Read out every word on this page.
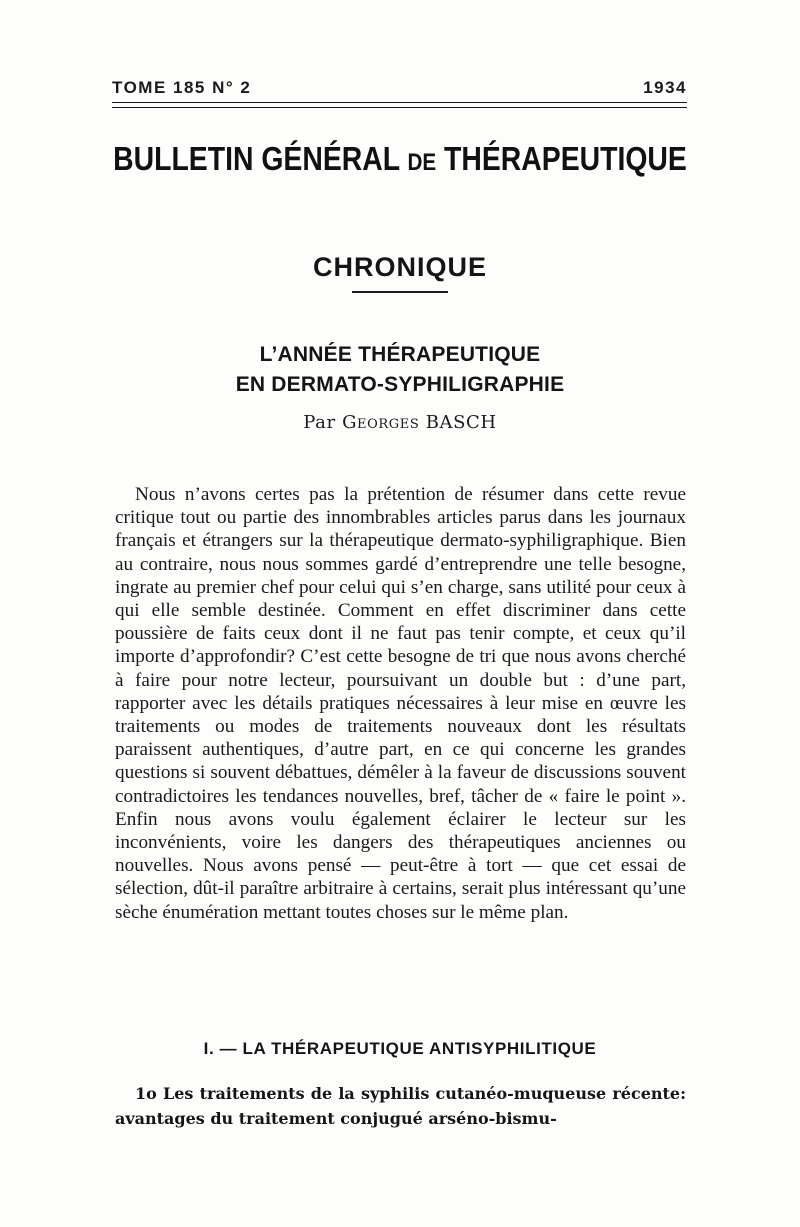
TOME 185 N° 2	1934
BULLETIN GÉNÉRAL DE THÉRAPEUTIQUE
CHRONIQUE
L’ANNÉE THÉRAPEUTIQUE
EN DERMATO-SYPHILIGRAPHIE
Par Georges BASCH

Nous n’avons certes pas la prétention de résumer dans cette revue critique tout ou partie des innombrables articles parus dans les journaux français et étrangers sur la thérapeutique dermato-syphiligraphique. Bien au contraire, nous nous sommes gardé d’entreprendre une telle besogne, ingrate au premier chef pour celui qui s’en charge, sans utilité pour ceux à qui elle semble destinée. Comment en effet discriminer dans cette poussière de faits ceux dont il ne faut pas tenir compte, et ceux qu’il importe d’approfondir? C’est cette besogne de tri que nous avons cherché à faire pour notre lecteur, poursuivant un double but : d’une part, rapporter avec les détails pratiques nécessaires à leur mise en œuvre les traitements ou modes de traitements nouveaux dont les résultats paraissent authentiques, d’autre part, en ce qui concerne les grandes questions si souvent débattues, démêler à la faveur de discussions souvent contradictoires les tendances nouvelles, bref, tâcher de « faire le point ». Enfin nous avons voulu également éclairer le lecteur sur les inconvénients, voire les dangers des thérapeutiques anciennes ou nouvelles. Nous avons pensé — peut-être à tort — que cet essai de sélection, dût-il paraître arbitraire à certains, serait plus intéressant qu’une sèche énumération mettant toutes choses sur le même plan.

I. — LA THÉRAPEUTIQUE ANTISYPHILITIQUE

1o Les traitements de la syphilis cutanéo-muqueuse récente: avantages du traitement conjugué arséno-bismu-
